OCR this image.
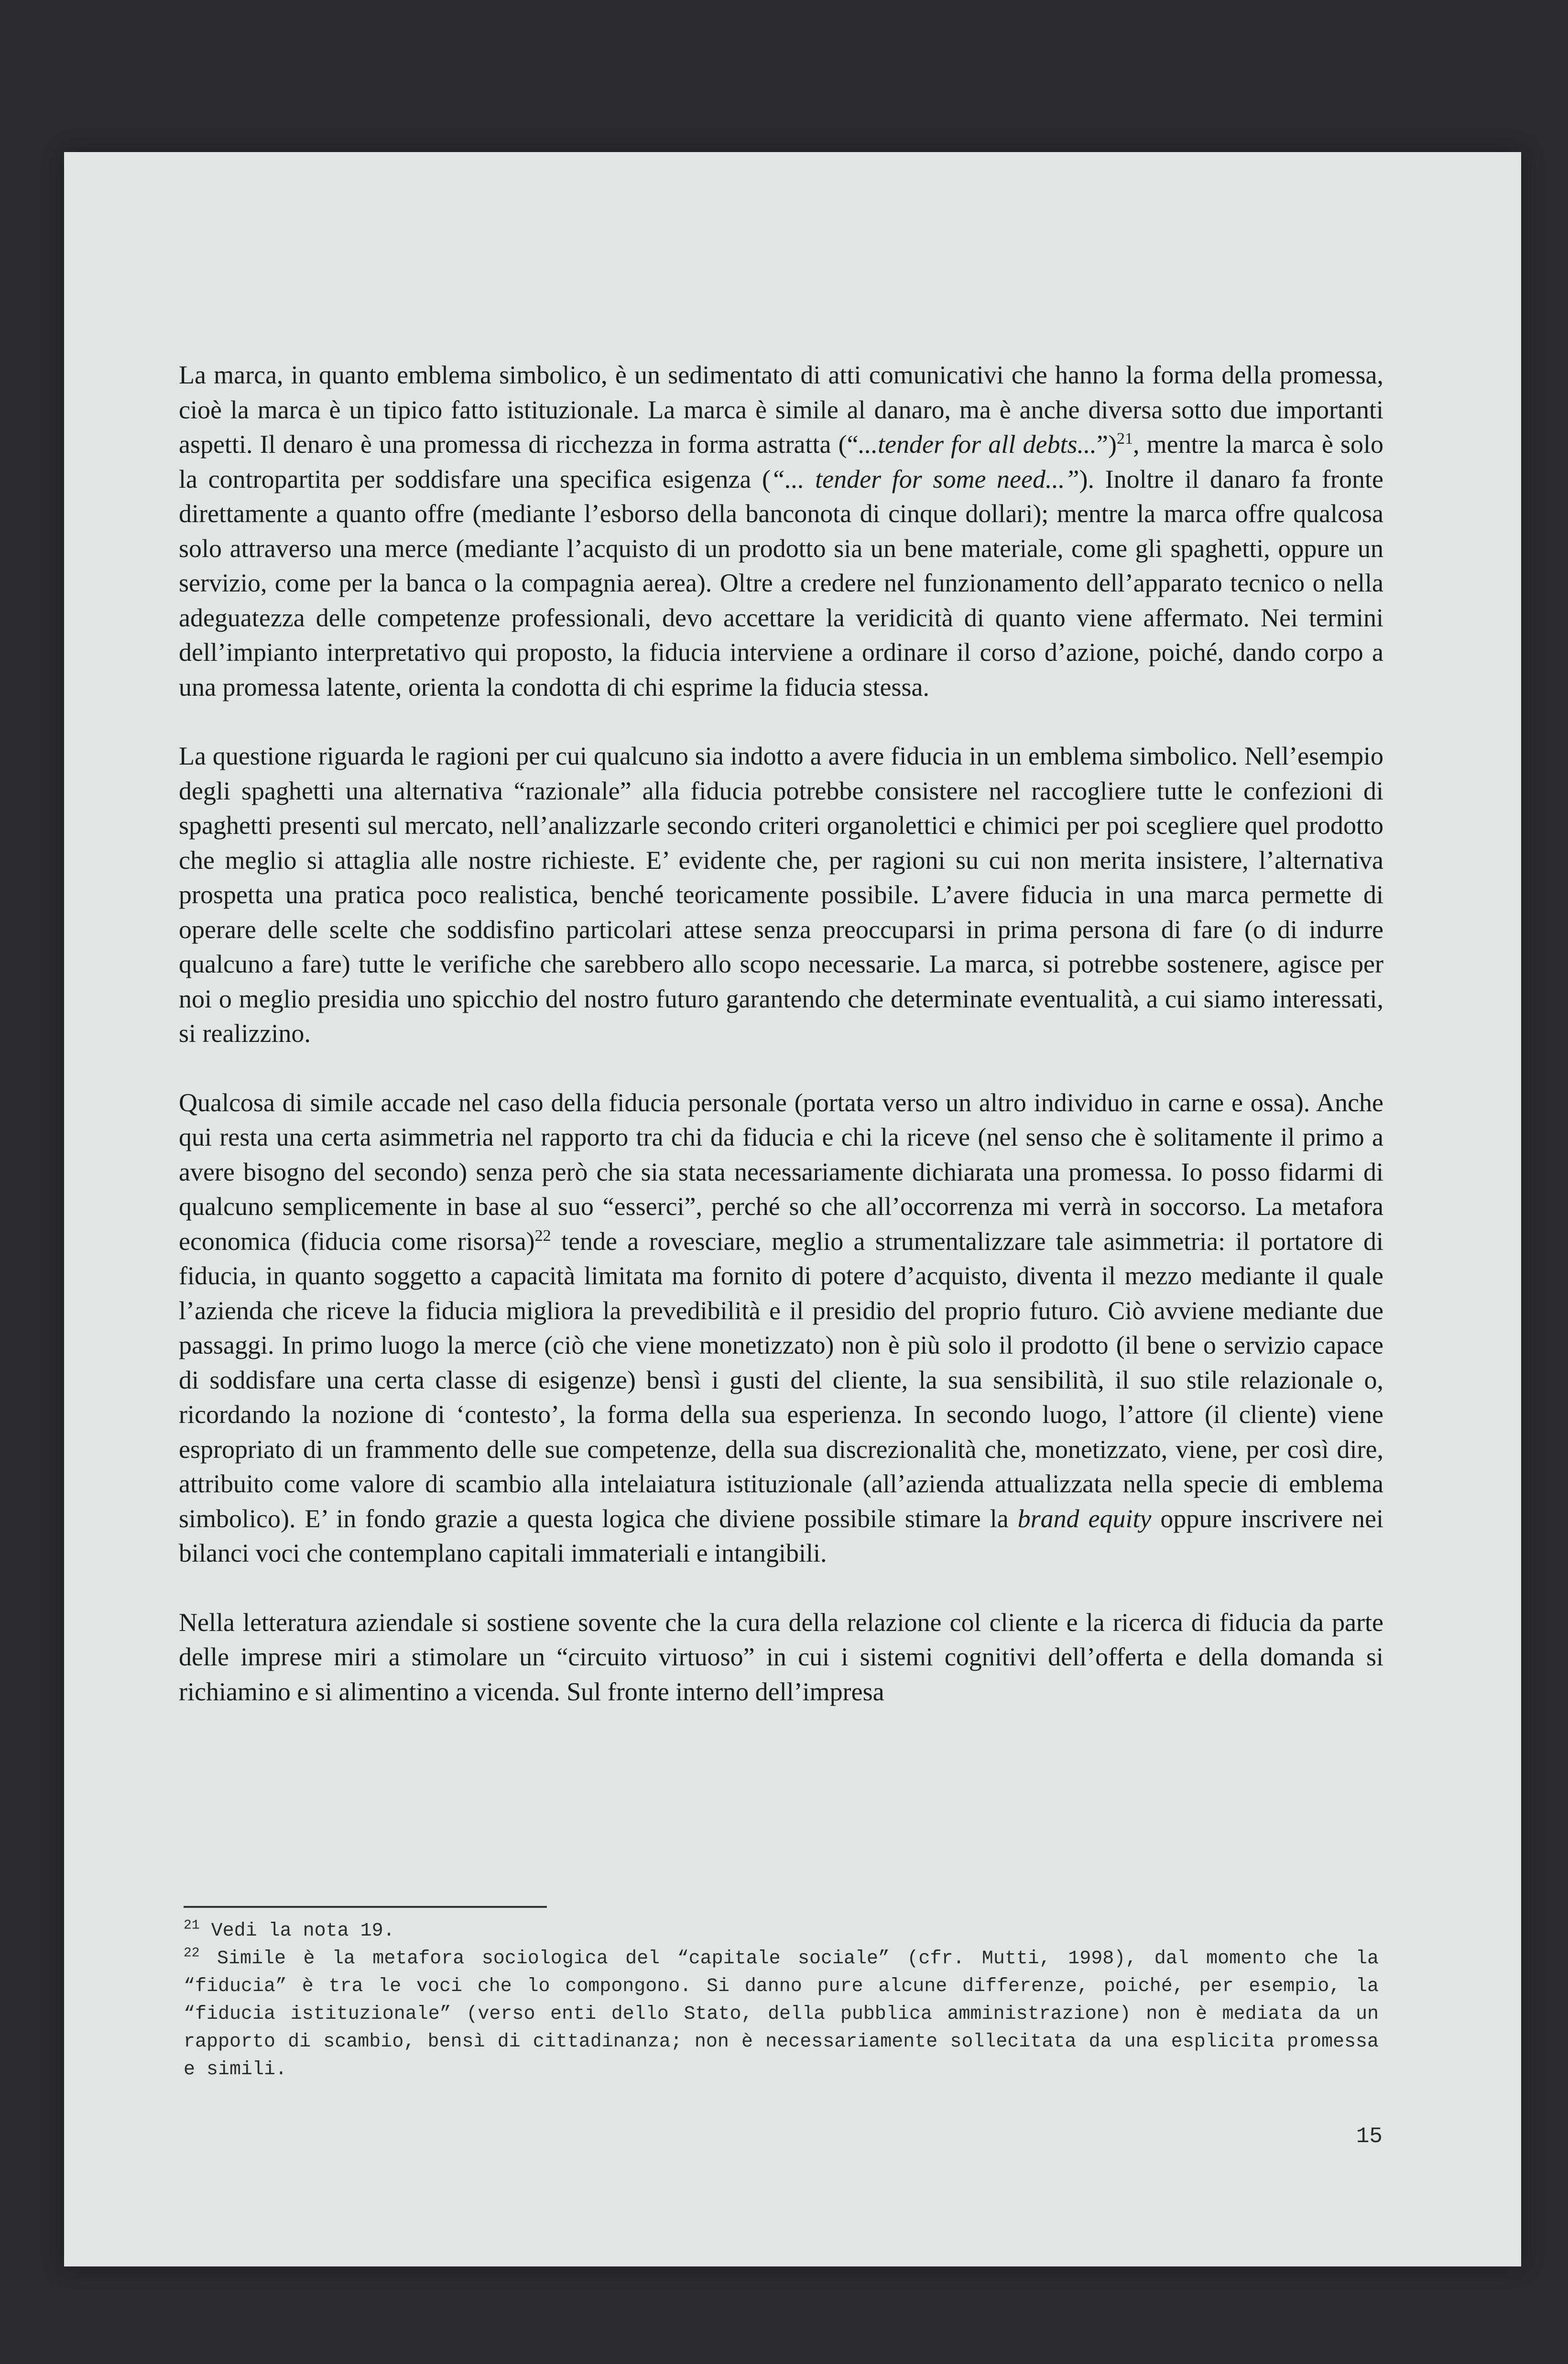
La marca, in quanto emblema simbolico, è un sedimentato di atti comunicativi che hanno la forma della promessa, cioè la marca è un tipico fatto istituzionale. La marca è simile al danaro, ma è anche diversa sotto due importanti aspetti. Il denaro è una promessa di ricchezza in forma astratta (“...tender for all debts...”)$^{21}$, mentre la marca è solo la contropartita per soddisfare una specifica esigenza (“... tender for some need...”). Inoltre il danaro fa fronte direttamente a quanto offre (mediante l’esborso della banconota di cinque dollari); mentre la marca offre qualcosa solo attraverso una merce (mediante l’acquisto di un prodotto sia un bene materiale, come gli spaghetti, oppure un servizio, come per la banca o la compagnia aerea). Oltre a credere nel funzionamento dell’apparato tecnico o nella adeguatezza delle competenze professionali, devo accettare la veridicità di quanto viene affermato. Nei termini dell’impianto interpretativo qui proposto, la fiducia interviene a ordinare il corso d’azione, poiché, dando corpo a una promessa latente, orienta la condotta di chi esprime la fiducia stessa.

La questione riguarda le ragioni per cui qualcuno sia indotto a avere fiducia in un emblema simbolico. Nell’esempio degli spaghetti una alternativa “razionale” alla fiducia potrebbe consistere nel raccogliere tutte le confezioni di spaghetti presenti sul mercato, nell’analizzarle secondo criteri organolettici e chimici per poi scegliere quel prodotto che meglio si attaglia alle nostre richieste. E’ evidente che, per ragioni su cui non merita insistere, l’alternativa prospetta una pratica poco realistica, benché teoricamente possibile. L’avere fiducia in una marca permette di operare delle scelte che soddisfino particolari attese senza preoccuparsi in prima persona di fare (o di indurre qualcuno a fare) tutte le verifiche che sarebbero allo scopo necessarie. La marca, si potrebbe sostenere, agisce per noi o meglio presidia uno spicchio del nostro futuro garantendo che determinate eventualità, a cui siamo interessati, si realizzino.

Qualcosa di simile accade nel caso della fiducia personale (portata verso un altro individuo in carne e ossa). Anche qui resta una certa asimmetria nel rapporto tra chi da fiducia e chi la riceve (nel senso che è solitamente il primo a avere bisogno del secondo) senza però che sia stata necessariamente dichiarata una promessa. Io posso fidarmi di qualcuno semplicemente in base al suo “esserci”, perché so che all’occorrenza mi verrà in soccorso. La metafora economica (fiducia come risorsa)$^{22}$ tende a rovesciare, meglio a strumentalizzare tale asimmetria: il portatore di fiducia, in quanto soggetto a capacità limitata ma fornito di potere d’acquisto, diventa il mezzo mediante il quale l’azienda che riceve la fiducia migliora la prevedibilità e il presidio del proprio futuro. Ciò avviene mediante due passaggi. In primo luogo la merce (ciò che viene monetizzato) non è più solo il prodotto (il bene o servizio capace di soddisfare una certa classe di esigenze) bensì i gusti del cliente, la sua sensibilità, il suo stile relazionale o, ricordando la nozione di ‘contesto’, la forma della sua esperienza. In secondo luogo, l’attore (il cliente) viene espropriato di un frammento delle sue competenze, della sua discrezionalità che, monetizzato, viene, per così dire, attribuito come valore di scambio alla intelaiatura istituzionale (all’azienda attualizzata nella specie di emblema simbolico). E’ in fondo grazie a questa logica che diviene possibile stimare la brand equity oppure inscrivere nei bilanci voci che contemplano capitali immateriali e intangibili.

Nella letteratura aziendale si sostiene sovente che la cura della relazione col cliente e la ricerca di fiducia da parte delle imprese miri a stimolare un “circuito virtuoso” in cui i sistemi cognitivi dell’offerta e della domanda si richiamino e si alimentino a vicenda. Sul fronte interno dell’impresa

$^{21}$ Vedi la nota 19.

$^{22}$ Simile è la metafora sociologica del “capitale sociale” (cfr. Mutti, 1998), dal momento che la “fiducia” è tra le voci che lo compongono. Si danno pure alcune differenze, poiché, per esempio, la “fiducia istituzionale” (verso enti dello Stato, della pubblica amministrazione) non è mediata da un rapporto di scambio, bensì di cittadinanza; non è necessariamente sollecitata da una esplicita promessa e simili.

15
